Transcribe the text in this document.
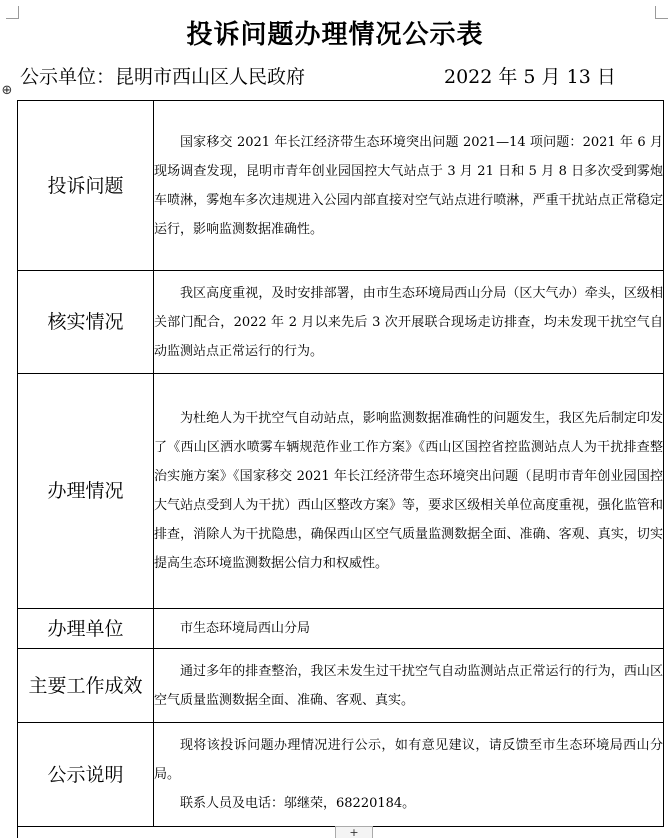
投诉问题办理情况公示表
公示单位：昆明市西山区人民政府	2022 年 5 月 13 日
⊕
投诉问题	国家移交 2021 年长江经济带生态环境突出问题 2021—14 项问题：2021 年 6 月现场调查发现，昆明市青年创业园国控大气站点于 3 月 21 日和 5 月 8 日多次受到雾炮车喷淋，雾炮车多次违规进入公园内部直接对空气站点进行喷淋，严重干扰站点正常稳定运行，影响监测数据准确性。

核实情况	我区高度重视，及时安排部署，由市生态环境局西山分局（区大气办）牵头，区级相关部门配合，2022 年 2 月以来先后 3 次开展联合现场走访排查，均未发现干扰空气自动监测站点正常运行的行为。

办理情况	为杜绝人为干扰空气自动站点，影响监测数据准确性的问题发生，我区先后制定印发了《西山区洒水喷雾车辆规范作业工作方案》《西山区国控省控监测站点人为干扰排查整治实施方案》《国家移交 2021 年长江经济带生态环境突出问题（昆明市青年创业园国控大气站点受到人为干扰）西山区整改方案》等，要求区级相关单位高度重视，强化监管和排查，消除人为干扰隐患，确保西山区空气质量监测数据全面、准确、客观、真实，切实提高生态环境监测数据公信力和权威性。

办理单位	市生态环境局西山分局

主要工作成效	通过多年的排查整治，我区未发生过干扰空气自动监测站点正常运行的行为，西山区空气质量监测数据全面、准确、客观、真实。

公示说明	现将该投诉问题办理情况进行公示，如有意见建议，请反馈至市生态环境局西山分局。

联系人员及电话：邬继荣，68220184。

+
